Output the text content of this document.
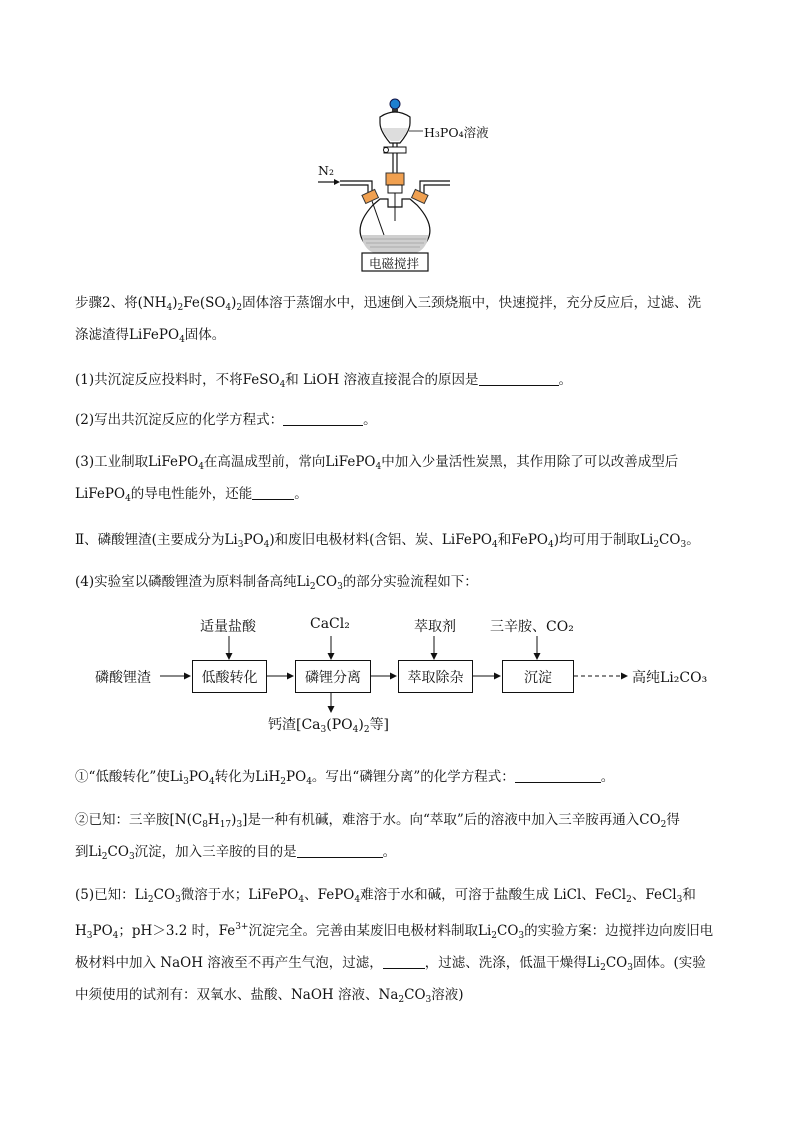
H₃PO₄溶液
N₂
电磁搅拌
步骤2、将$(NH_4)_2Fe(SO_4)_2$固体溶于蒸馏水中，迅速倒入三颈烧瓶中，快速搅拌，充分反应后，过滤、洗
涤滤渣得LiFePO$_4$固体。
(1)共沉淀反应投料时，不将FeSO$_4$和 LiOH 溶液直接混合的原因是	。
(2)写出共沉淀反应的化学方程式：	。
(3)工业制取LiFePO$_4$在高温成型前，常向LiFePO$_4$中加入少量活性炭黑，其作用除了可以改善成型后
LiFePO$_4$的导电性能外，还能	。
Ⅱ、磷酸锂渣(主要成分为$Li_3PO_4$)和废旧电极材料(含铝、炭、LiFePO$_4$和FePO$_4$)均可用于制取$Li_2CO_3$。
(4)实验室以磷酸锂渣为原料制备高纯$Li_2CO_3$的部分实验流程如下：
适量盐酸	CaCl₂	萃取剂 三辛胺、CO₂
磷酸锂渣	低酸转化	磷锂分离	萃取除杂	沉淀	高纯Li₂CO₃
钙渣[$Ca_3(PO_4)_2$等]
①“低酸转化”使$Li_3PO_4$转化为$LiH_2PO_4$。写出“磷锂分离”的化学方程式：	。
②已知：三辛胺$[N(C_8H_{17})_3]$是一种有机碱，难溶于水。向“萃取”后的溶液中加入三辛胺再通入$CO_2$得
到$Li_2CO_3$沉淀，加入三辛胺的目的是	。
(5)已知：$Li_2CO_3$微溶于水；LiFePO$_4$、FePO$_4$难溶于水和碱，可溶于盐酸生成 LiCl、FeCl$_2$、FeCl$_3$和
$H_3PO_4$；pH＞3.2 时，$Fe^{3+}$沉淀完全。完善由某废旧电极材料制取$Li_2CO_3$的实验方案：边搅拌边向废旧电
极材料中加入 NaOH 溶液至不再产生气泡，过滤，	，过滤、洗涤，低温干燥得$Li_2CO_3$固体。(实验
中须使用的试剂有：双氧水、盐酸、NaOH 溶液、$Na_2CO_3$溶液)
